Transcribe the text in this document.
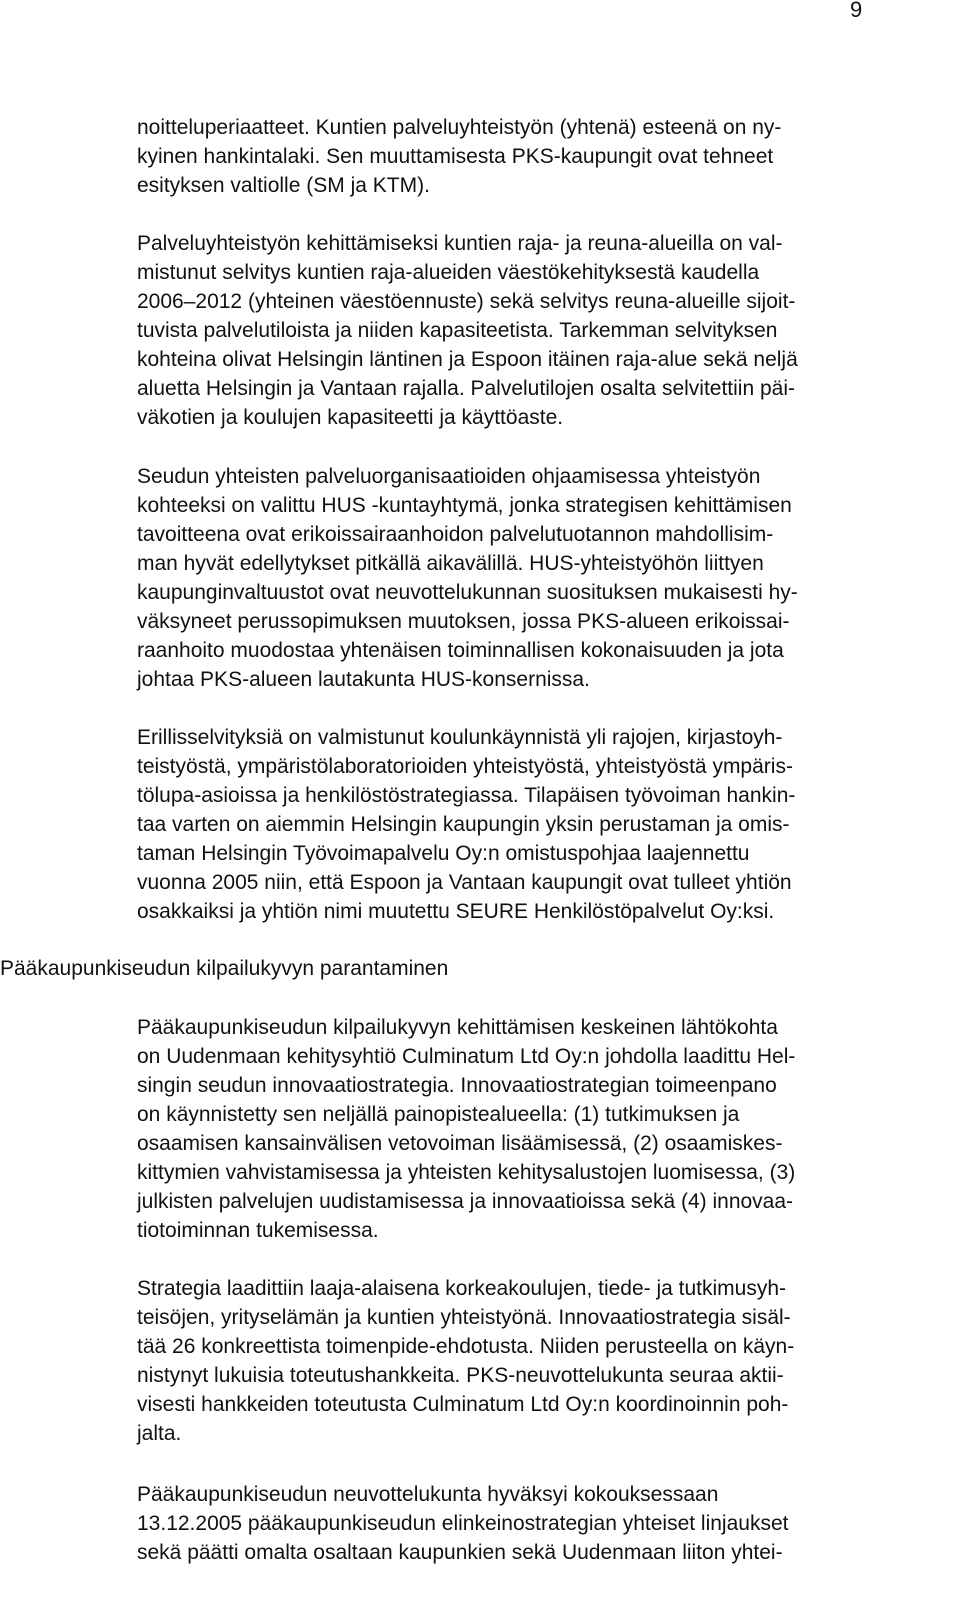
9
noitteluperiaatteet. Kuntien palveluyhteistyön (yhtenä) esteenä on ny-
kyinen hankintalaki. Sen muuttamisesta PKS-kaupungit ovat tehneet
esityksen valtiolle (SM ja KTM).
Palveluyhteistyön kehittämiseksi kuntien raja- ja reuna-alueilla on val-
mistunut selvitys kuntien raja-alueiden väestökehityksestä kaudella
2006–2012 (yhteinen väestöennuste) sekä selvitys reuna-alueille sijoit-
tuvista palvelutiloista ja niiden kapasiteetista. Tarkemman selvityksen
kohteina olivat Helsingin läntinen ja Espoon itäinen raja-alue sekä neljä
aluetta Helsingin ja Vantaan rajalla. Palvelutilojen osalta selvitettiin päi-
väkotien ja koulujen kapasiteetti ja käyttöaste.
Seudun yhteisten palveluorganisaatioiden ohjaamisessa yhteistyön
kohteeksi on valittu HUS -kuntayhtymä, jonka strategisen kehittämisen
tavoitteena ovat erikoissairaanhoidon palvelutuotannon mahdollisim-
man hyvät edellytykset pitkällä aikavälillä. HUS-yhteistyöhön liittyen
kaupunginvaltuustot ovat neuvottelukunnan suosituksen mukaisesti hy-
väksyneet perussopimuksen muutoksen, jossa PKS-alueen erikoissai-
raanhoito muodostaa yhtenäisen toiminnallisen kokonaisuuden ja jota
johtaa PKS-alueen lautakunta HUS-konsernissa.
Erillisselvityksiä on valmistunut koulunkäynnistä yli rajojen, kirjastoyh-
teistyöstä, ympäristölaboratorioiden yhteistyöstä, yhteistyöstä ympäris-
tölupa-asioissa ja henkilöstöstrategiassa. Tilapäisen työvoiman hankin-
taa varten on aiemmin Helsingin kaupungin yksin perustaman ja omis-
taman Helsingin Työvoimapalvelu Oy:n omistuspohjaa laajennettu
vuonna 2005 niin, että Espoon ja Vantaan kaupungit ovat tulleet yhtiön
osakkaiksi ja yhtiön nimi muutettu SEURE Henkilöstöpalvelut Oy:ksi.
Pääkaupunkiseudun kilpailukyvyn parantaminen
Pääkaupunkiseudun kilpailukyvyn kehittämisen keskeinen lähtökohta
on Uudenmaan kehitysyhtiö Culminatum Ltd Oy:n johdolla laadittu Hel-
singin seudun innovaatiostrategia. Innovaatiostrategian toimeenpano
on käynnistetty sen neljällä painopistealueella: (1) tutkimuksen ja
osaamisen kansainvälisen vetovoiman lisäämisessä, (2) osaamiskes-
kittymien vahvistamisessa ja yhteisten kehitysalustojen luomisessa, (3)
julkisten palvelujen uudistamisessa ja innovaatioissa sekä (4) innovaa-
tiotoiminnan tukemisessa.
Strategia laadittiin laaja-alaisena korkeakoulujen, tiede- ja tutkimusyh-
teisöjen, yrityselämän ja kuntien yhteistyönä. Innovaatiostrategia sisäl-
tää 26 konkreettista toimenpide-ehdotusta. Niiden perusteella on käyn-
nistynyt lukuisia toteutushankkeita. PKS-neuvottelukunta seuraa aktii-
visesti hankkeiden toteutusta Culminatum Ltd Oy:n koordinoinnin poh-
jalta.
Pääkaupunkiseudun neuvottelukunta hyväksyi kokouksessaan
13.12.2005 pääkaupunkiseudun elinkeinostrategian yhteiset linjaukset
sekä päätti omalta osaltaan kaupunkien sekä Uudenmaan liiton yhtei-
